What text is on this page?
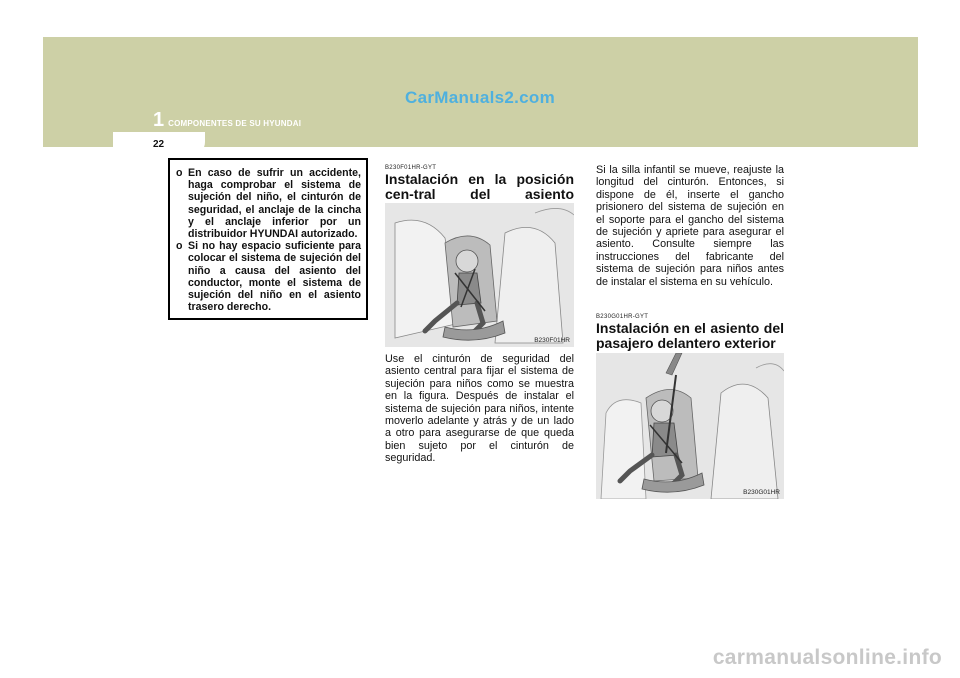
CarManuals2.com
1 COMPONENTES DE SU HYUNDAI
22
o En caso de sufrir un accidente, haga comprobar el sistema de sujeción del niño, el cinturón de seguridad, el anclaje de la cincha y el anclaje inferior por un distribuidor HYUNDAI autorizado.
o Si no hay espacio suficiente para colocar el sistema de sujeción del niño a causa del asiento del conductor, monte el sistema de sujeción del niño en el asiento trasero derecho.
B230F01HR-GYT
Instalación en la posición cen-tral del asiento
B230F01HR
Use el cinturón de seguridad del asiento central para fijar el sistema de sujeción para niños como se muestra en la figura. Después de instalar el sistema de sujeción para niños, intente moverlo adelante y atrás y de un lado a otro para asegurarse de que queda bien sujeto por el cinturón de seguridad.
Si la silla infantil se mueve, reajuste la longitud del cinturón. Entonces, si dispone de él, inserte el gancho prisionero del sistema de sujeción en el soporte para el gancho del sistema de sujeción y apriete para asegurar el asiento. Consulte siempre las instrucciones del fabricante del sistema de sujeción para niños antes de instalar el sistema en su vehículo.
B230G01HR-GYT
Instalación en el asiento del pasajero delantero exterior
B230G01HR
carmanualsonline.info
